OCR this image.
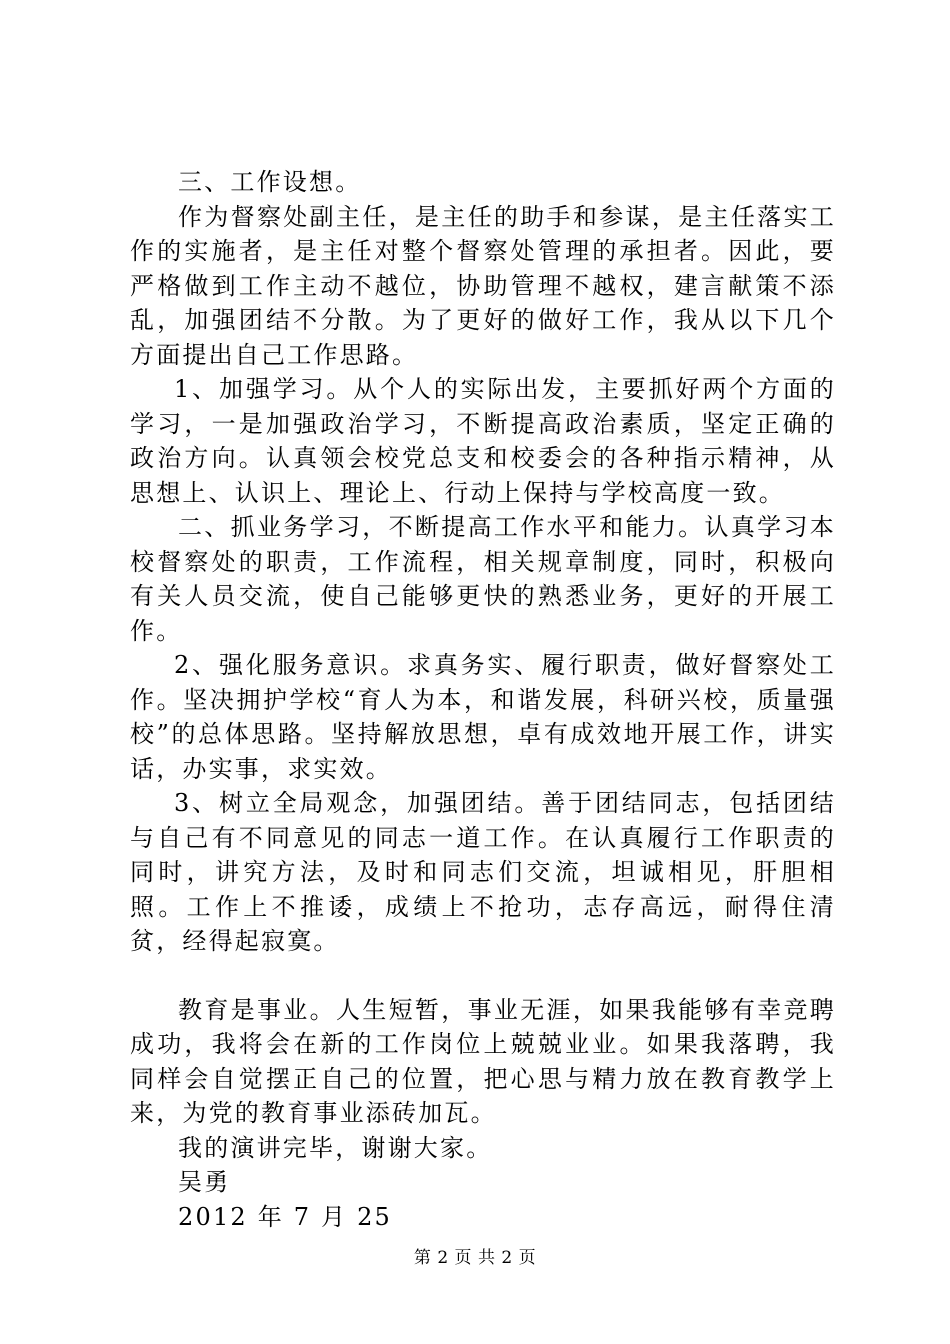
三、工作设想。

作为督察处副主任，是主任的助手和参谋，是主任落实工作的实施者，是主任对整个督察处管理的承担者。因此，要严格做到工作主动不越位，协助管理不越权，建言献策不添乱，加强团结不分散。为了更好的做好工作，我从以下几个方面提出自己工作思路。

1、加强学习。从个人的实际出发，主要抓好两个方面的学习，一是加强政治学习，不断提高政治素质，坚定正确的政治方向。认真领会校党总支和校委会的各种指示精神，从思想上、认识上、理论上、行动上保持与学校高度一致。

二、抓业务学习，不断提高工作水平和能力。认真学习本校督察处的职责，工作流程，相关规章制度，同时，积极向有关人员交流，使自己能够更快的熟悉业务，更好的开展工作。

2、强化服务意识。求真务实、履行职责，做好督察处工作。坚决拥护学校“育人为本，和谐发展，科研兴校，质量强校”的总体思路。坚持解放思想，卓有成效地开展工作，讲实话，办实事，求实效。

3、树立全局观念，加强团结。善于团结同志，包括团结与自己有不同意见的同志一道工作。在认真履行工作职责的同时，讲究方法，及时和同志们交流，坦诚相见，肝胆相照。工作上不推诿，成绩上不抢功，志存高远，耐得住清贫，经得起寂寞。

教育是事业。人生短暂，事业无涯，如果我能够有幸竞聘成功，我将会在新的工作岗位上兢兢业业。如果我落聘，我同样会自觉摆正自己的位置，把心思与精力放在教育教学上来，为党的教育事业添砖加瓦。

我的演讲完毕，谢谢大家。

吴勇

2012 年 7 月 25

第 2 页 共 2 页
